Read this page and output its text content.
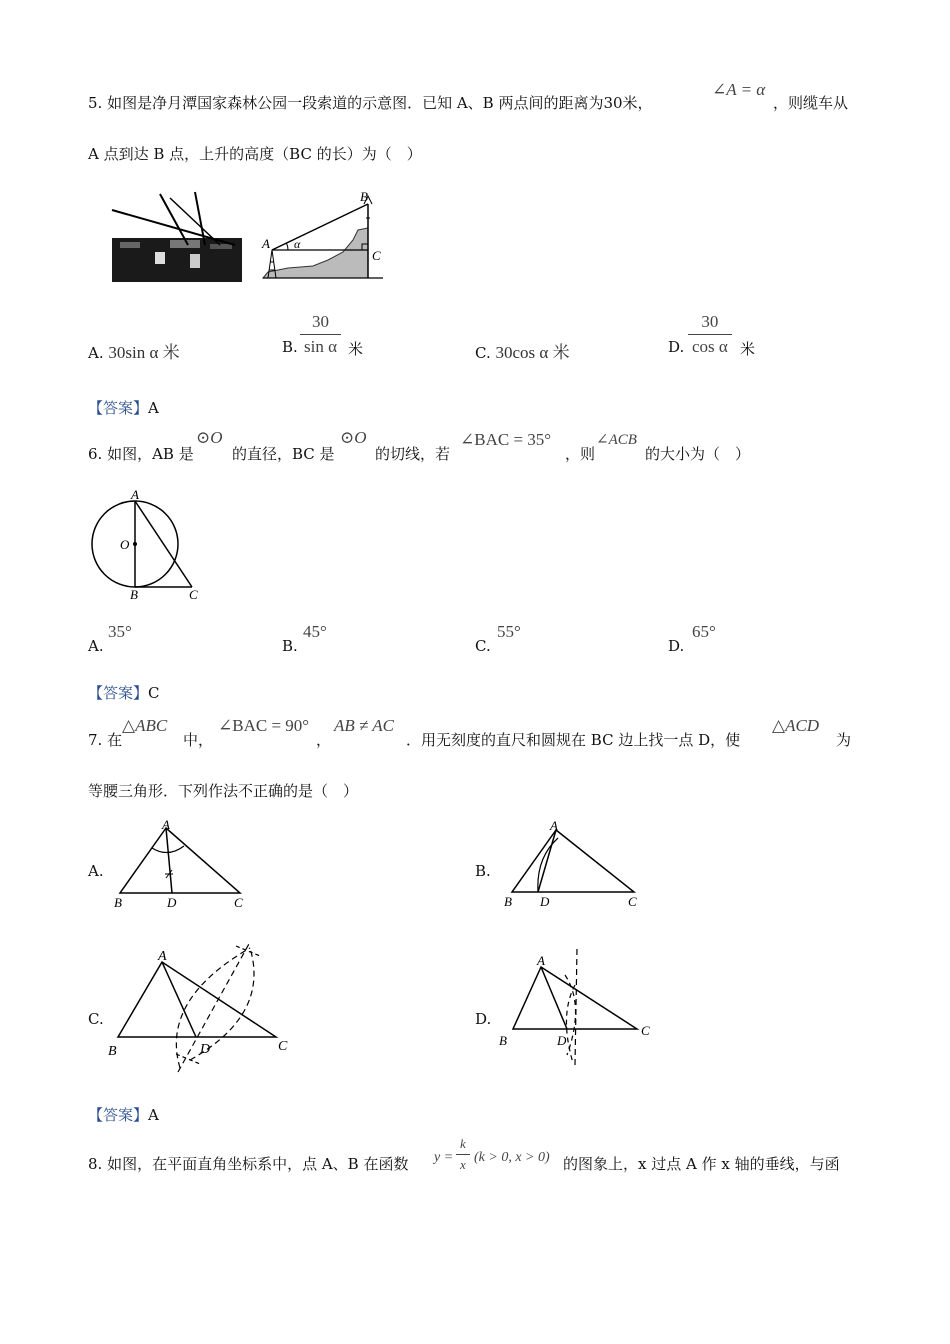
5. 如图是净月潭国家森林公园一段索道的示意图．已知 A、B 两点间的距离为30米，
∠A = α
，则缆车从
A 点到达 B 点，上升的高度（BC 的长）为（　）
A
B
C
α
A. 30sin α 米	B.
30
sin α 米	C. 30cos α 米	D.
30
cos α 米
【答案】A
6. 如图，AB 是
⊙O
的直径，BC 是
⊙O
的切线，若
∠BAC = 35°
，则
∠ACB
的大小为（　）
A
O
B	C
A.
35°
B.
45°
C.
55°
D.
65°
【答案】C
7. 在
△ABC
中，
∠BAC = 90°
，
AB ≠ AC
．用无刻度的直尺和圆规在 BC 边上找一点 D，使
△ACD
为
等腰三角形．下列作法不正确的是（　）
A.
A
B	D	C
B.
A
B D	C
C.
A
B	D	C
D.
A
B	D
C
【答案】A
8. 如图，在平面直角坐标系中，点 A、B 在函数 y =
k
x (k > 0, x > 0) 的图象上，x 过点 A 作 x 轴的垂线，与函
